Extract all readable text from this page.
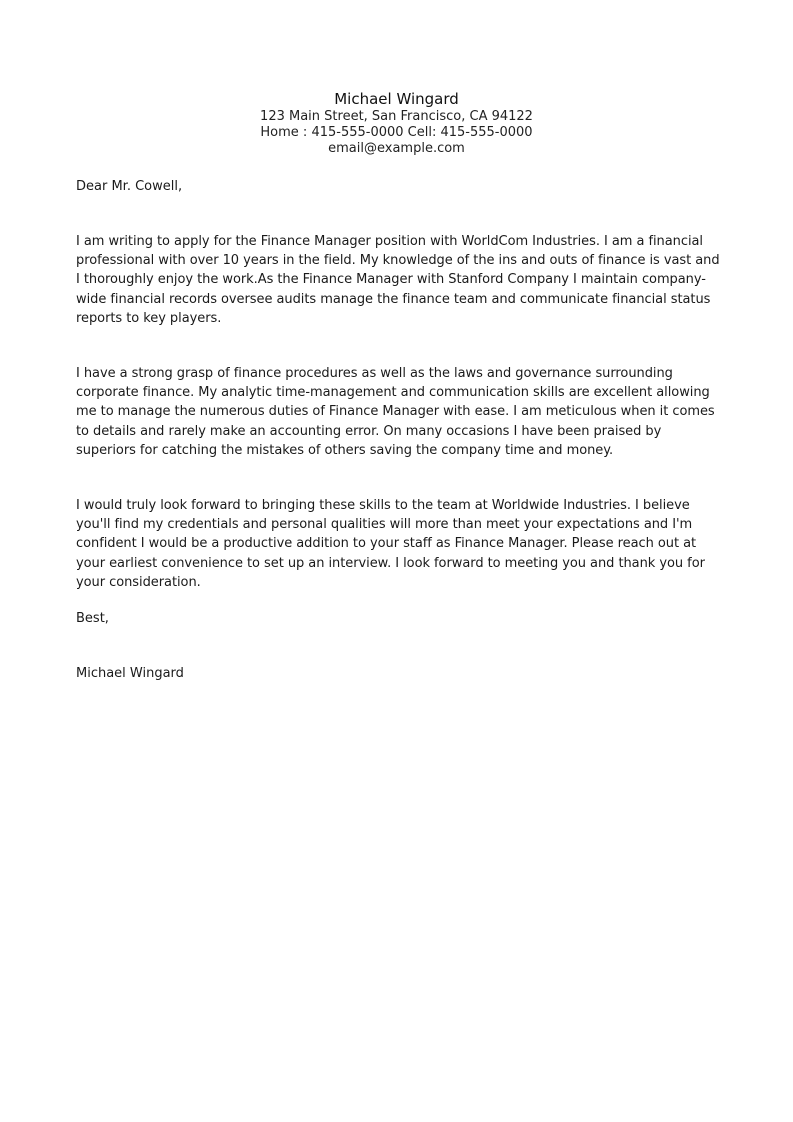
Michael Wingard
123 Main Street, San Francisco, CA 94122
Home : 415-555-0000 Cell: 415-555-0000
email@example.com
Dear Mr. Cowell,

I am writing to apply for the Finance Manager position with WorldCom Industries. I am a financial professional with over 10 years in the field. My knowledge of the ins and outs of finance is vast and I thoroughly enjoy the work.As the Finance Manager with Stanford Company I maintain company-wide financial records oversee audits manage the finance team and communicate financial status reports to key players.

I have a strong grasp of finance procedures as well as the laws and governance surrounding corporate finance. My analytic time-management and communication skills are excellent allowing me to manage the numerous duties of Finance Manager with ease. I am meticulous when it comes to details and rarely make an accounting error. On many occasions I have been praised by superiors for catching the mistakes of others saving the company time and money.

I would truly look forward to bringing these skills to the team at Worldwide Industries. I believe you'll find my credentials and personal qualities will more than meet your expectations and I'm confident I would be a productive addition to your staff as Finance Manager. Please reach out at your earliest convenience to set up an interview. I look forward to meeting you and thank you for your consideration.

Best,
Michael Wingard
